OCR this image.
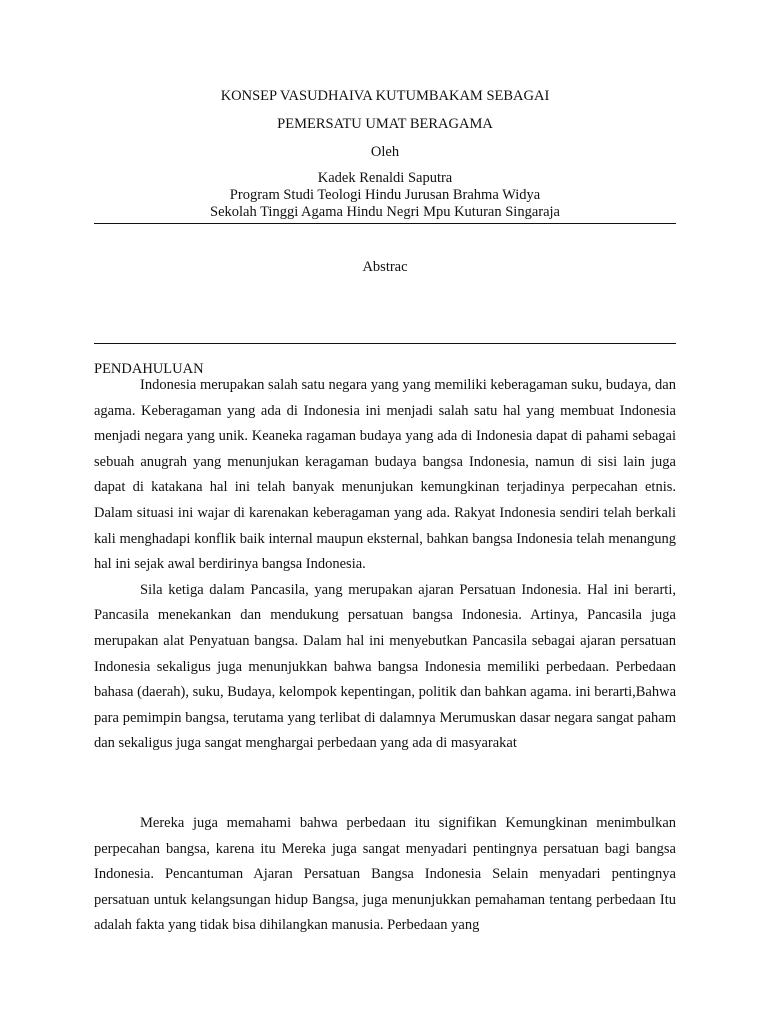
KONSEP VASUDHAIVA KUTUMBAKAM SEBAGAI
PEMERSATU UMAT BERAGAMA
Oleh
Kadek Renaldi Saputra
Program Studi Teologi Hindu Jurusan Brahma Widya
Sekolah Tinggi Agama Hindu Negri Mpu Kuturan Singaraja
Abstrac
PENDAHULUAN

Indonesia merupakan salah satu negara yang yang memiliki keberagaman suku, budaya, dan agama. Keberagaman yang ada di Indonesia ini menjadi salah satu hal yang membuat Indonesia menjadi negara yang unik. Keaneka ragaman budaya yang ada di Indonesia dapat di pahami sebagai sebuah anugrah yang menunjukan keragaman budaya bangsa Indonesia, namun di sisi lain juga dapat di katakana hal ini telah banyak menunjukan kemungkinan terjadinya perpecahan etnis. Dalam situasi ini wajar di karenakan keberagaman yang ada. Rakyat Indonesia sendiri telah berkali kali menghadapi konflik baik internal maupun eksternal, bahkan bangsa Indonesia telah menangung hal ini sejak awal berdirinya bangsa Indonesia.

Sila ketiga dalam Pancasila, yang merupakan ajaran Persatuan Indonesia. Hal ini berarti, Pancasila menekankan dan mendukung persatuan bangsa Indonesia. Artinya, Pancasila juga merupakan alat Penyatuan bangsa. Dalam hal ini menyebutkan Pancasila sebagai ajaran persatuan Indonesia sekaligus juga menunjukkan bahwa bangsa Indonesia memiliki perbedaan. Perbedaan bahasa (daerah), suku, Budaya, kelompok kepentingan, politik dan bahkan agama. ini berarti,Bahwa para pemimpin bangsa, terutama yang terlibat di dalamnya Merumuskan dasar negara sangat paham dan sekaligus juga sangat menghargai perbedaan yang ada di masyarakat

Mereka juga memahami bahwa perbedaan itu signifikan Kemungkinan menimbulkan perpecahan bangsa, karena itu Mereka juga sangat menyadari pentingnya persatuan bagi bangsa Indonesia. Pencantuman Ajaran Persatuan Bangsa Indonesia Selain menyadari pentingnya persatuan untuk kelangsungan hidup Bangsa, juga menunjukkan pemahaman tentang perbedaan Itu adalah fakta yang tidak bisa dihilangkan manusia. Perbedaan yang
